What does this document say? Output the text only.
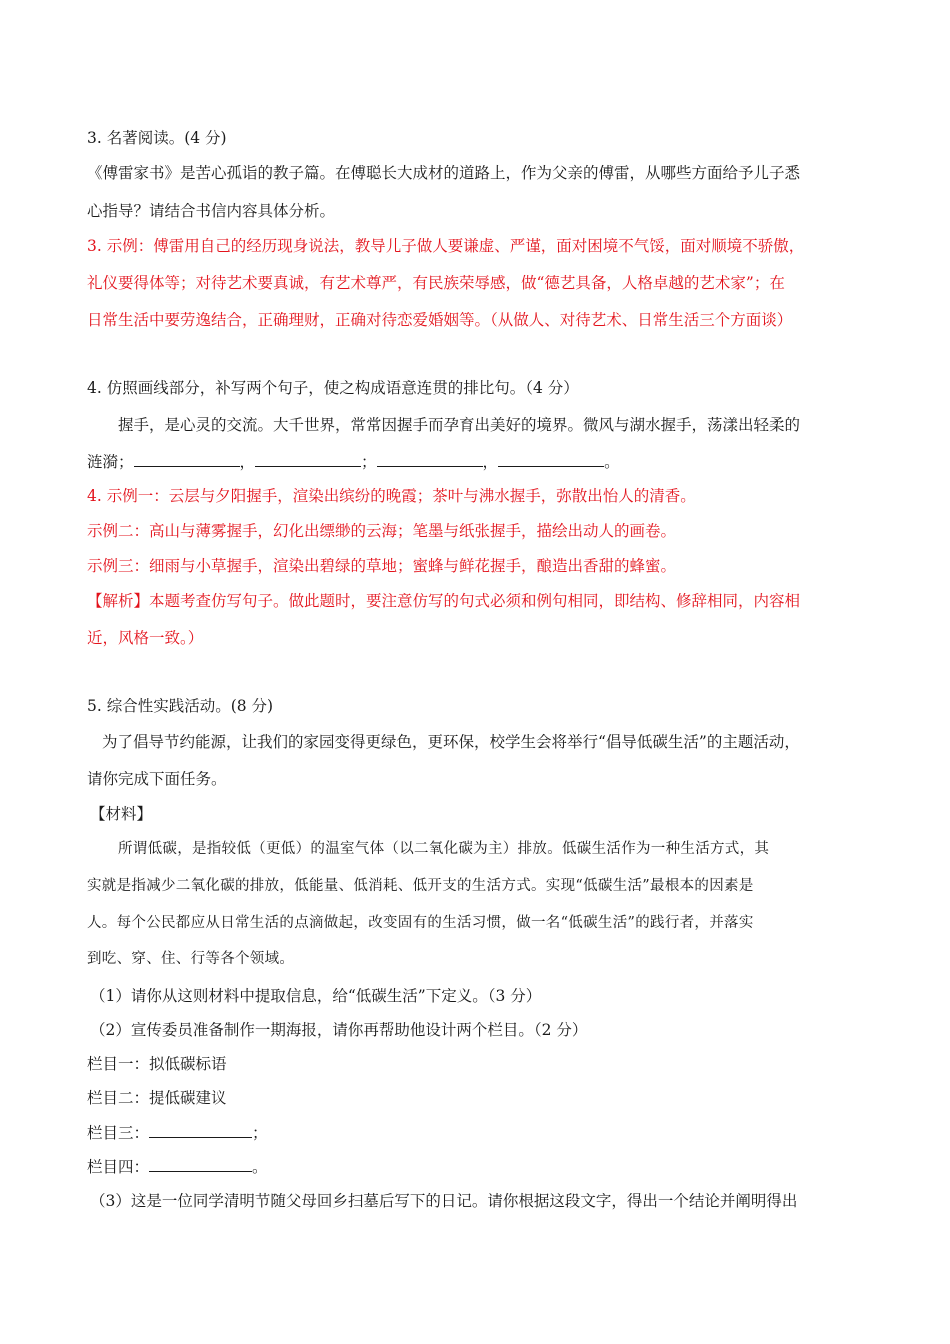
3. 名著阅读。(4 分)
《傅雷家书》是苦心孤诣的教子篇。在傅聪长大成材的道路上，作为父亲的傅雷，从哪些方面给予儿子悉
心指导？请结合书信内容具体分析。
3. 示例：傅雷用自己的经历现身说法，教导儿子做人要谦虚、严谨，面对困境不气馁，面对顺境不骄傲，
礼仪要得体等；对待艺术要真诚，有艺术尊严，有民族荣辱感，做“德艺具备，人格卓越的艺术家”；在
日常生活中要劳逸结合，正确理财，正确对待恋爱婚姻等。（从做人、对待艺术、日常生活三个方面谈）
4. 仿照画线部分，补写两个句子，使之构成语意连贯的排比句。（4 分）
握手，是心灵的交流。大千世界，常常因握手而孕育出美好的境界。微风与湖水握手，荡漾出轻柔的
涟漪；	，	；	，	。
4. 示例一：云层与夕阳握手，渲染出缤纷的晚霞；茶叶与沸水握手，弥散出怡人的清香。
示例二：高山与薄雾握手，幻化出缥缈的云海；笔墨与纸张握手，描绘出动人的画卷。
示例三：细雨与小草握手，渲染出碧绿的草地；蜜蜂与鲜花握手，酿造出香甜的蜂蜜。
【解析】本题考查仿写句子。做此题时，要注意仿写的句式必须和例句相同，即结构、修辞相同，内容相
近，风格一致。）
5. 综合性实践活动。(8 分)
为了倡导节约能源，让我们的家园变得更绿色，更环保，校学生会将举行“倡导低碳生活”的主题活动，
请你完成下面任务。
【材料】
所谓低碳，是指较低（更低）的温室气体（以二氧化碳为主）排放。低碳生活作为一种生活方式，其
实就是指减少二氧化碳的排放，低能量、低消耗、低开支的生活方式。实现“低碳生活”最根本的因素是
人。每个公民都应从日常生活的点滴做起，改变固有的生活习惯，做一名“低碳生活”的践行者，并落实
到吃、穿、住、行等各个领域。
（1）请你从这则材料中提取信息，给“低碳生活”下定义。（3 分）
（2）宣传委员准备制作一期海报，请你再帮助他设计两个栏目。（2 分）
栏目一：拟低碳标语
栏目二：提低碳建议
栏目三：	；
栏目四：	。
（3）这是一位同学清明节随父母回乡扫墓后写下的日记。请你根据这段文字，得出一个结论并阐明得出
